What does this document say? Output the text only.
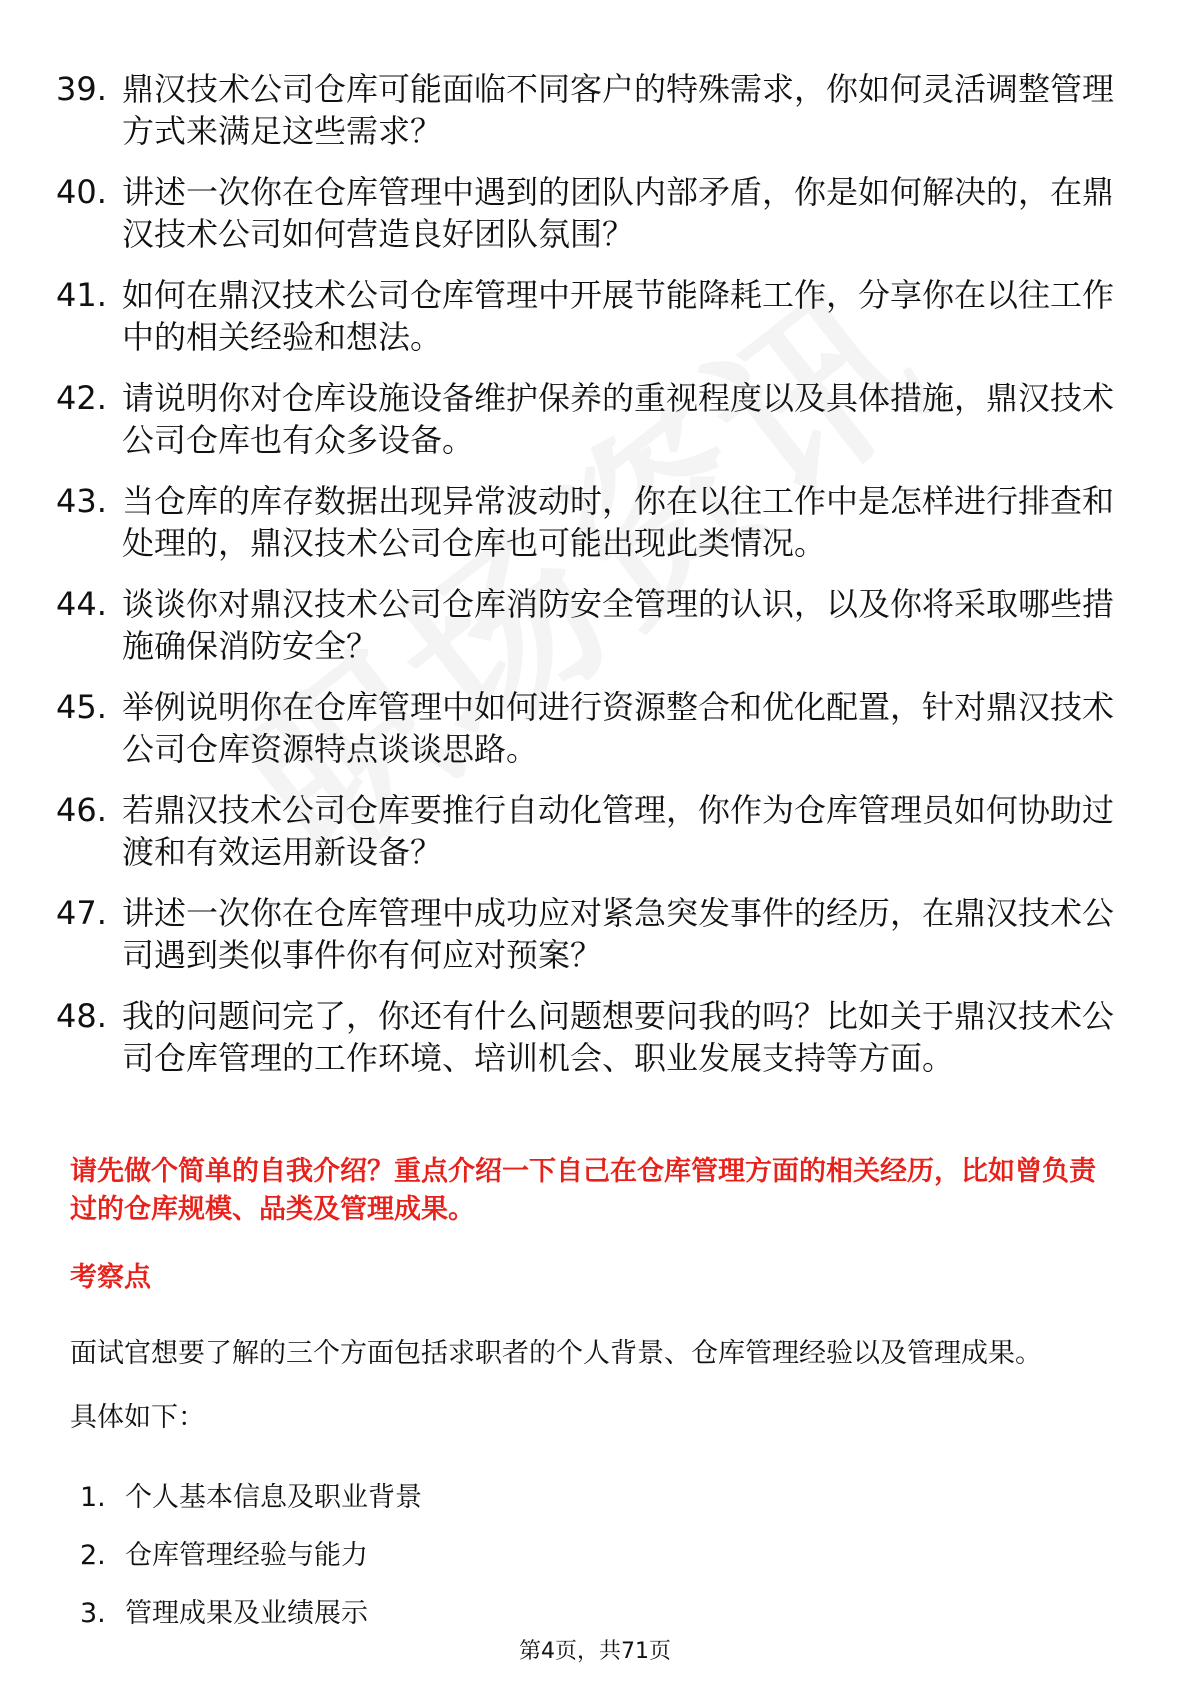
39. 鼎汉技术公司仓库可能面临不同客户的特殊需求，你如何灵活调整管理方式来满足这些需求？
40. 讲述一次你在仓库管理中遇到的团队内部矛盾，你是如何解决的，在鼎汉技术公司如何营造良好团队氛围？
41. 如何在鼎汉技术公司仓库管理中开展节能降耗工作，分享你在以往工作中的相关经验和想法。
42. 请说明你对仓库设施设备维护保养的重视程度以及具体措施，鼎汉技术公司仓库也有众多设备。
43. 当仓库的库存数据出现异常波动时，你在以往工作中是怎样进行排查和处理的，鼎汉技术公司仓库也可能出现此类情况。
44. 谈谈你对鼎汉技术公司仓库消防安全管理的认识，以及你将采取哪些措施确保消防安全？
45. 举例说明你在仓库管理中如何进行资源整合和优化配置，针对鼎汉技术公司仓库资源特点谈谈思路。
46. 若鼎汉技术公司仓库要推行自动化管理，你作为仓库管理员如何协助过渡和有效运用新设备？
47. 讲述一次你在仓库管理中成功应对紧急突发事件的经历，在鼎汉技术公司遇到类似事件你有何应对预案？
48. 我的问题问完了，你还有什么问题想要问我的吗？比如关于鼎汉技术公司仓库管理的工作环境、培训机会、职业发展支持等方面。

请先做个简单的自我介绍？重点介绍一下自己在仓库管理方面的相关经历，比如曾负责过的仓库规模、品类及管理成果。

考察点

面试官想要了解的三个方面包括求职者的个人背景、仓库管理经验以及管理成果。

具体如下：

1. 个人基本信息及职业背景
2. 仓库管理经验与能力
3. 管理成果及业绩展示
第4页，共71页
